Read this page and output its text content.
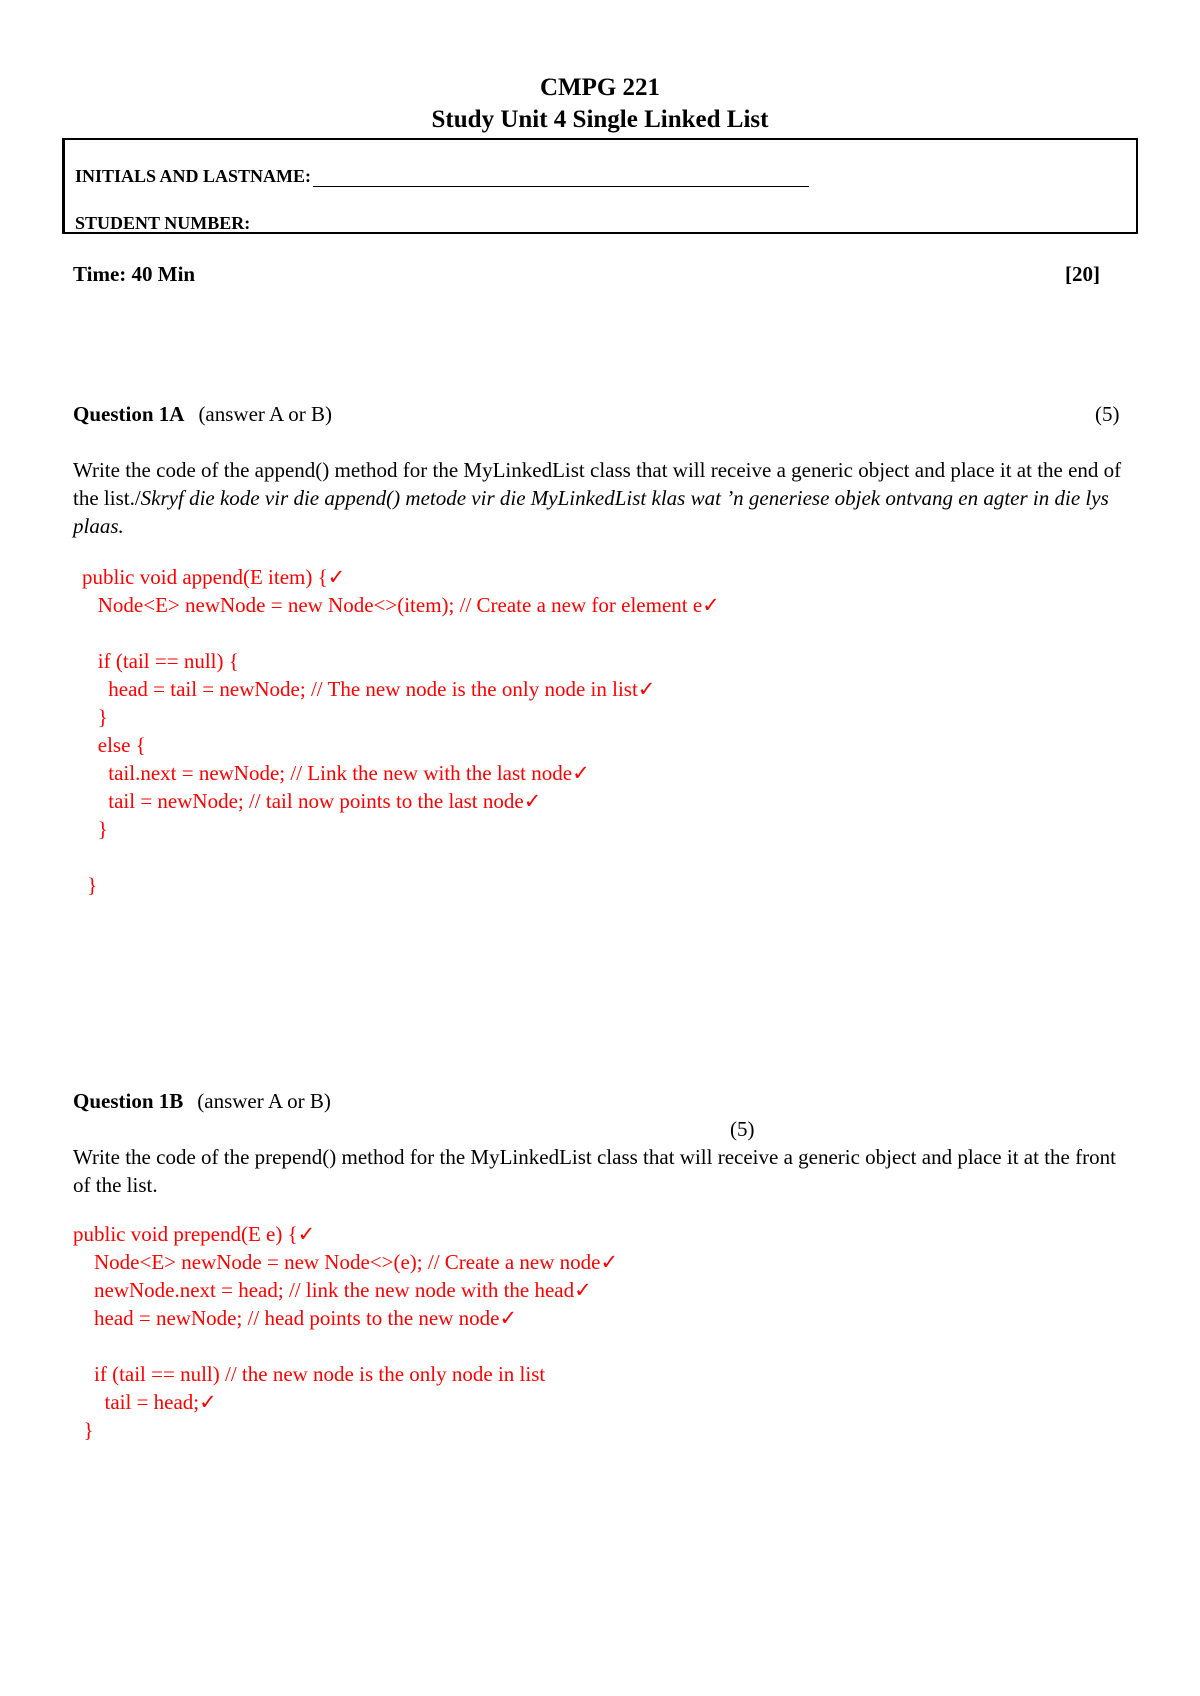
CMPG 221
Study Unit 4 Single Linked List
INITIALS AND LASTNAME:
STUDENT NUMBER:
Time: 40 Min	[20]
Question 1A (answer A or B)	(5)
Write the code of the append() method for the MyLinkedList class that will receive a generic object and place it at the end of the list./Skryf die kode vir die append() metode vir die MyLinkedList klas wat ’n generiese objek ontvang en agter in die lys plaas.
public void append(E item) {✓
Node<E> newNode = new Node<>(item); // Create a new for element e✓
if (tail == null) {
head = tail = newNode; // The new node is the only node in list✓
}
else {
tail.next = newNode; // Link the new with the last node✓
tail = newNode; // tail now points to the last node✓
}
}
Question 1B (answer A or B)
(5)
Write the code of the prepend() method for the MyLinkedList class that will receive a generic object and place it at the front of the list.
public void prepend(E e) {✓
Node<E> newNode = new Node<>(e); // Create a new node✓
newNode.next = head; // link the new node with the head✓
head = newNode; // head points to the new node✓
if (tail == null) // the new node is the only node in list
tail = head;✓
}
